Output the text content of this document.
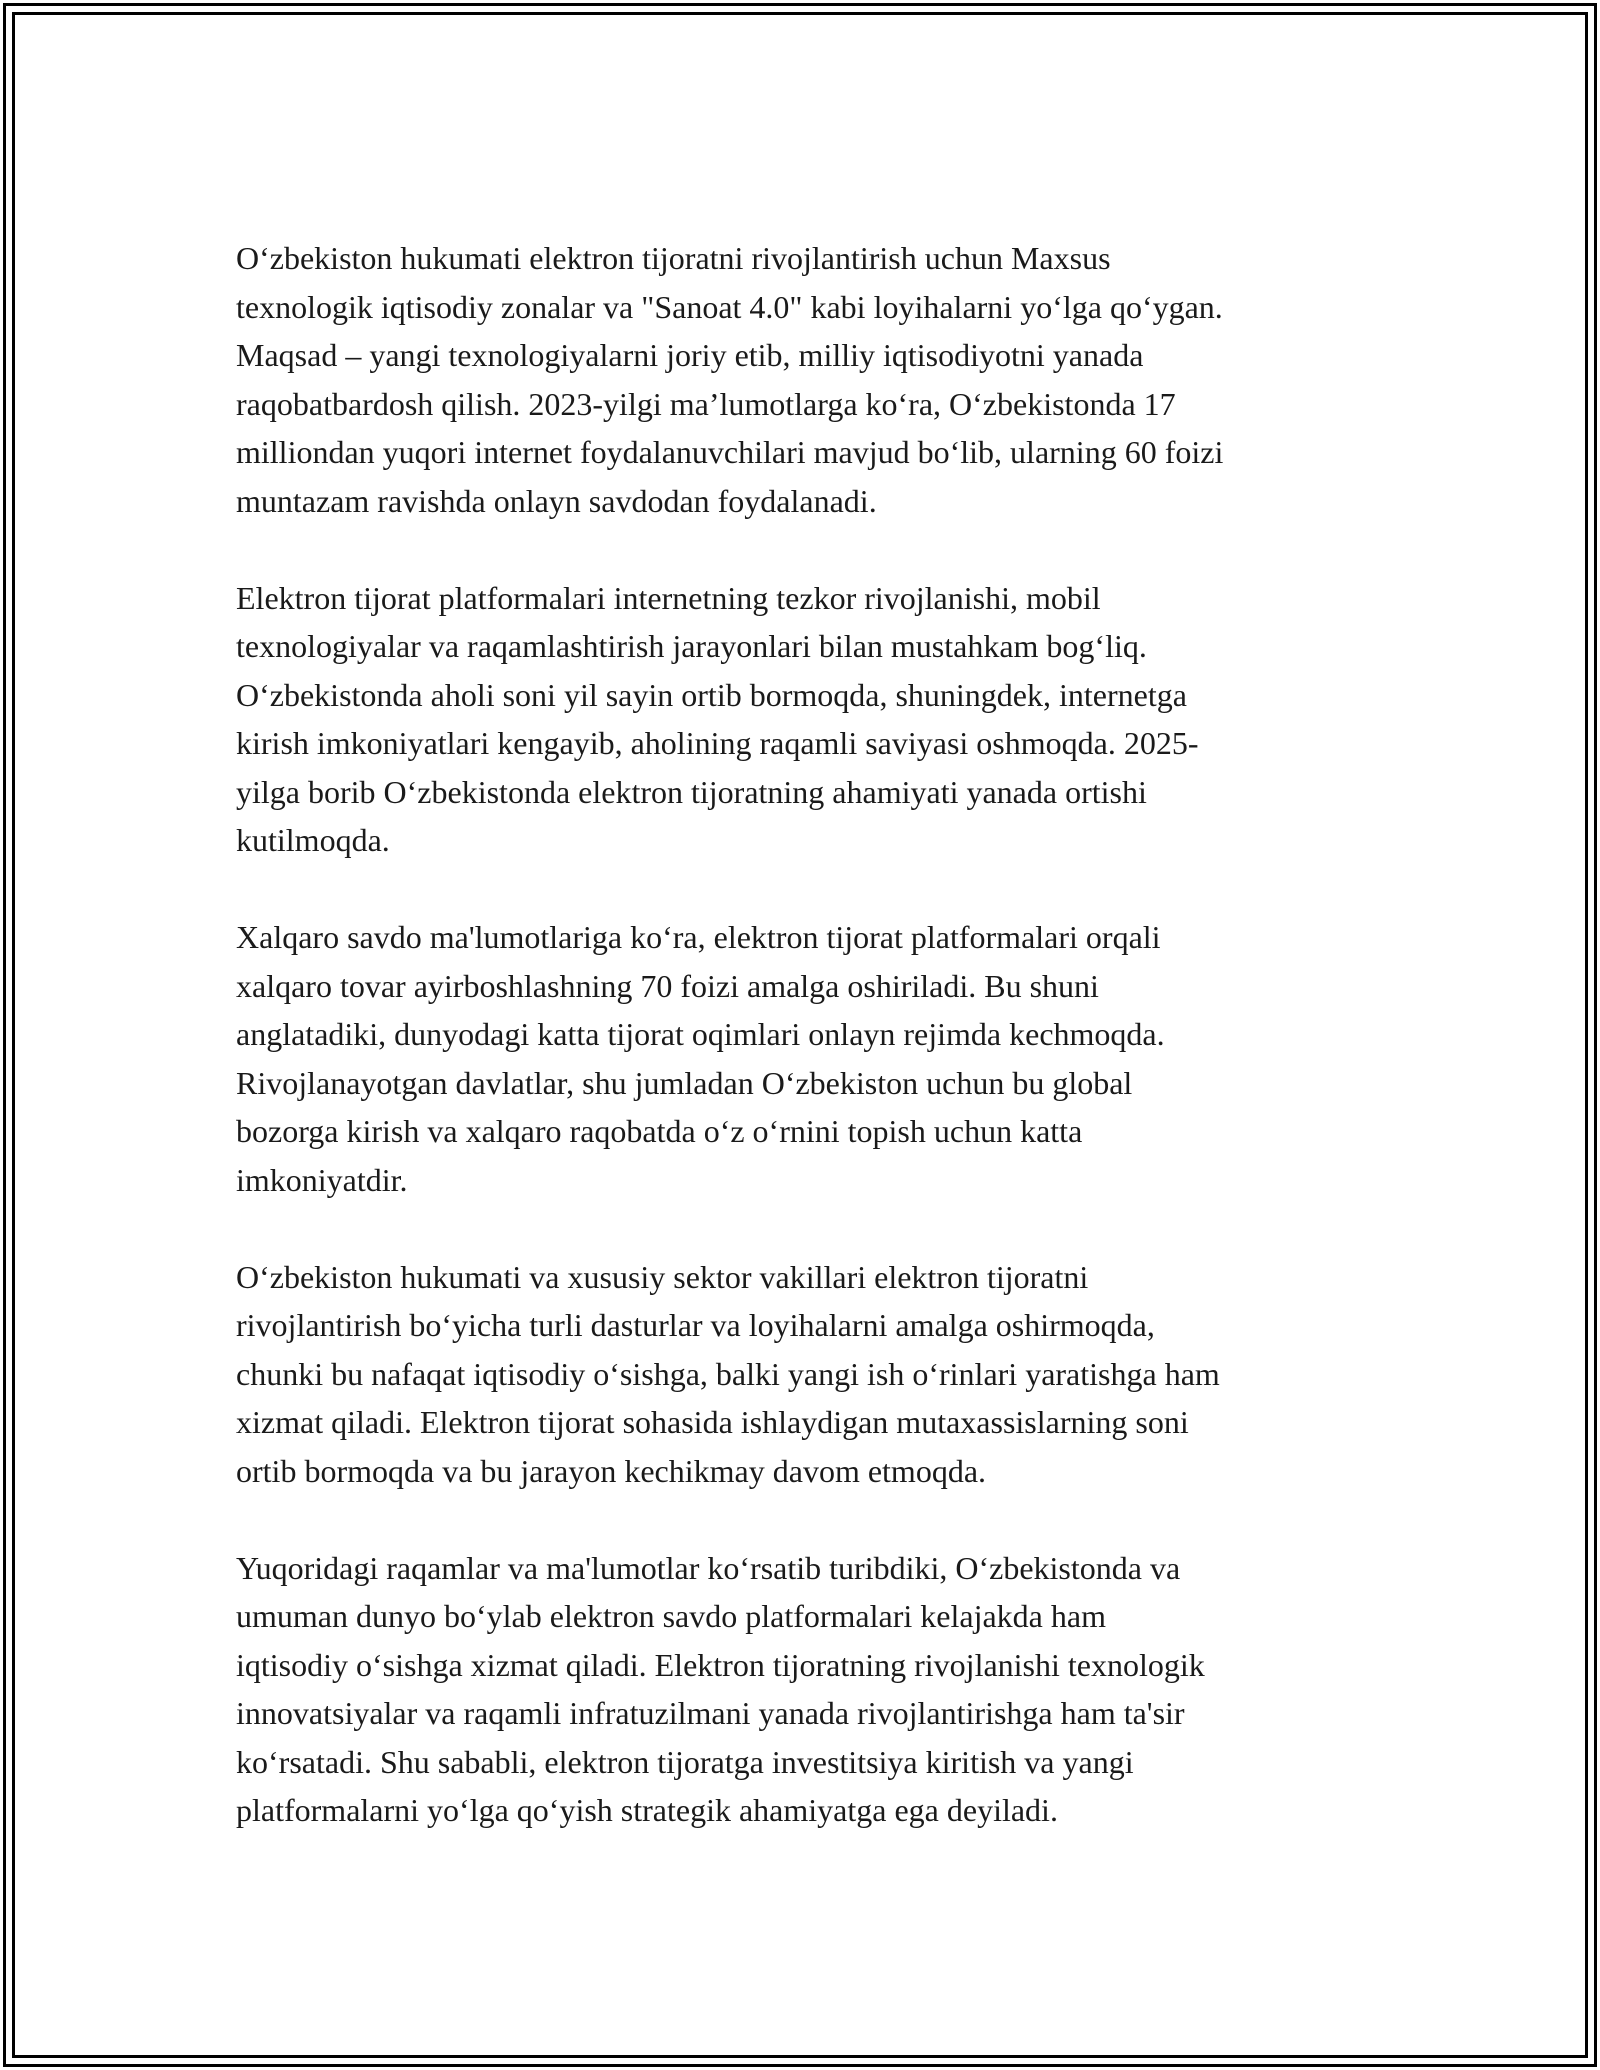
O‘zbekiston hukumati elektron tijoratni rivojlantirish uchun Maxsus
texnologik iqtisodiy zonalar va "Sanoat 4.0" kabi loyihalarni yo‘lga qo‘ygan.
Maqsad – yangi texnologiyalarni joriy etib, milliy iqtisodiyotni yanada
raqobatbardosh qilish. 2023-yilgi ma’lumotlarga ko‘ra, O‘zbekistonda 17
milliondan yuqori internet foydalanuvchilari mavjud bo‘lib, ularning 60 foizi
muntazam ravishda onlayn savdodan foydalanadi.
Elektron tijorat platformalari internetning tezkor rivojlanishi, mobil
texnologiyalar va raqamlashtirish jarayonlari bilan mustahkam bog‘liq.
O‘zbekistonda aholi soni yil sayin ortib bormoqda, shuningdek, internetga
kirish imkoniyatlari kengayib, aholining raqamli saviyasi oshmoqda. 2025-
yilga borib O‘zbekistonda elektron tijoratning ahamiyati yanada ortishi
kutilmoqda.
Xalqaro savdo ma'lumotlariga ko‘ra, elektron tijorat platformalari orqali
xalqaro tovar ayirboshlashning 70 foizi amalga oshiriladi. Bu shuni
anglatadiki, dunyodagi katta tijorat oqimlari onlayn rejimda kechmoqda.
Rivojlanayotgan davlatlar, shu jumladan O‘zbekiston uchun bu global
bozorga kirish va xalqaro raqobatda o‘z o‘rnini topish uchun katta
imkoniyatdir.
O‘zbekiston hukumati va xususiy sektor vakillari elektron tijoratni
rivojlantirish bo‘yicha turli dasturlar va loyihalarni amalga oshirmoqda,
chunki bu nafaqat iqtisodiy o‘sishga, balki yangi ish o‘rinlari yaratishga ham
xizmat qiladi. Elektron tijorat sohasida ishlaydigan mutaxassislarning soni
ortib bormoqda va bu jarayon kechikmay davom etmoqda.
Yuqoridagi raqamlar va ma'lumotlar ko‘rsatib turibdiki, O‘zbekistonda va
umuman dunyo bo‘ylab elektron savdo platformalari kelajakda ham
iqtisodiy o‘sishga xizmat qiladi. Elektron tijoratning rivojlanishi texnologik
innovatsiyalar va raqamli infratuzilmani yanada rivojlantirishga ham ta'sir
ko‘rsatadi. Shu sababli, elektron tijoratga investitsiya kiritish va yangi
platformalarni yo‘lga qo‘yish strategik ahamiyatga ega deyiladi.
